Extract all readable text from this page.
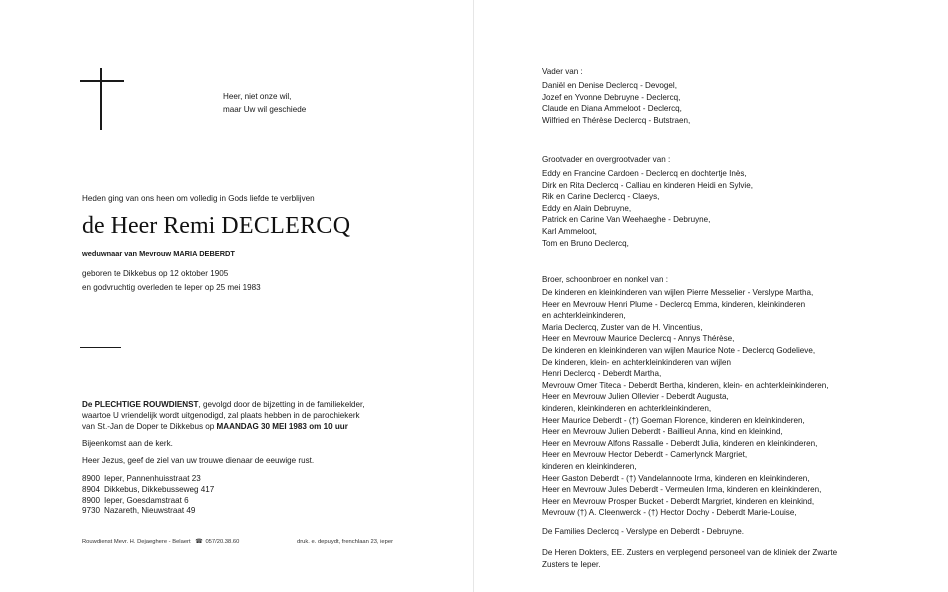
Heer, niet onze wil,
maar Uw wil geschiede
Heden ging van ons heen om volledig in Gods liefde te verblijven
de Heer Remi DECLERCQ
weduwnaar van Mevrouw MARIA DEBERDT
geboren te Dikkebus op 12 oktober 1905
en godvruchtig overleden te Ieper op 25 mei 1983
De PLECHTIGE ROUWDIENST, gevolgd door de bijzetting in de familiekelder,
waartoe U vriendelijk wordt uitgenodigd, zal plaats hebben in de parochiekerk
van St.-Jan de Doper te Dikkebus op MAANDAG 30 MEI 1983 om 10 uur
Bijeenkomst aan de kerk.
Heer Jezus, geef de ziel van uw trouwe dienaar de eeuwige rust.
8900 Ieper, Pannenhuisstraat 23
8904 Dikkebus, Dikkebusseweg 417
8900 Ieper, Goesdamstraat 6
9730 Nazareth, Nieuwstraat 49
Rouwdienst Mevr. H. Dejaeghere - Belaert ☎ 057/20.38.60	druk. e. depuydt, frenchlaan 23, ieper
Vader van :
Daniël en Denise Declercq - Devogel,
Jozef en Yvonne Debruyne - Declercq,
Claude en Diana Ammeloot - Declercq,
Wilfried en Thérèse Declercq - Butstraen,
Grootvader en overgrootvader van :
Eddy en Francine Cardoen - Declercq en dochtertje Inès,
Dirk en Rita Declercq - Calliau en kinderen Heidi en Sylvie,
Rik en Carine Declercq - Claeys,
Eddy en Alain Debruyne,
Patrick en Carine Van Weehaeghe - Debruyne,
Karl Ammeloot,
Tom en Bruno Declercq,
Broer, schoonbroer en nonkel van :
De kinderen en kleinkinderen van wijlen Pierre Messelier - Verslype Martha,
Heer en Mevrouw Henri Plume - Declercq Emma, kinderen, kleinkinderen
en achterkleinkinderen,
Maria Declercq, Zuster van de H. Vincentius,
Heer en Mevrouw Maurice Declercq - Annys Thérèse,
De kinderen en kleinkinderen van wijlen Maurice Note - Declercq Godelieve,
De kinderen, klein- en achterkleinkinderen van wijlen
Henri Declercq - Deberdt Martha,
Mevrouw Omer Titeca - Deberdt Bertha, kinderen, klein- en achterkleinkinderen,
Heer en Mevrouw Julien Ollevier - Deberdt Augusta,
kinderen, kleinkinderen en achterkleinkinderen,
Heer Maurice Deberdt - (†) Goeman Florence, kinderen en kleinkinderen,
Heer en Mevrouw Julien Deberdt - Baillieul Anna, kind en kleinkind,
Heer en Mevrouw Alfons Rassalle - Deberdt Julia, kinderen en kleinkinderen,
Heer en Mevrouw Hector Deberdt - Camerlynck Margriet,
kinderen en kleinkinderen,
Heer Gaston Deberdt - (†) Vandelannoote Irma, kinderen en kleinkinderen,
Heer en Mevrouw Jules Deberdt - Vermeulen Irma, kinderen en kleinkinderen,
Heer en Mevrouw Prosper Bucket - Deberdt Margriet, kinderen en kleinkind,
Mevrouw (†) A. Cleenwerck - (†) Hector Dochy - Deberdt Marie-Louise,
De Families Declercq - Verslype en Deberdt - Debruyne.
De Heren Dokters, EE. Zusters en verplegend personeel van de kliniek der Zwarte
Zusters te Ieper.
